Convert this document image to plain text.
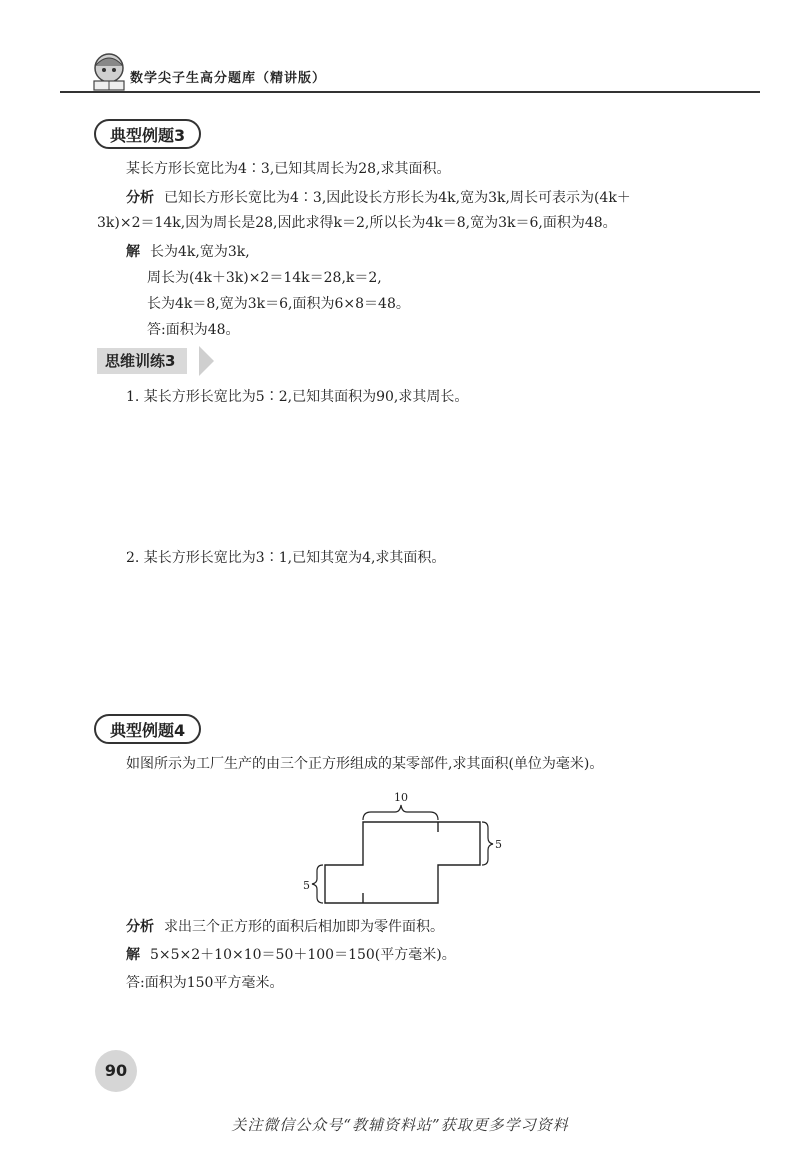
数学尖子生高分题库（精讲版）
典型例题3
某长方形长宽比为4∶3,已知其周长为28,求其面积。
分析 已知长方形长宽比为4∶3,因此设长方形长为4k,宽为3k,周长可表示为(4k＋
3k)×2＝14k,因为周长是28,因此求得k＝2,所以长为4k＝8,宽为3k＝6,面积为48。
解 长为4k,宽为3k,
周长为(4k＋3k)×2＝14k＝28,k＝2,
长为4k＝8,宽为3k＝6,面积为6×8＝48。
答:面积为48。
思维训练3
1. 某长方形长宽比为5∶2,已知其面积为90,求其周长。
2. 某长方形长宽比为3∶1,已知其宽为4,求其面积。
典型例题4
如图所示为工厂生产的由三个正方形组成的某零部件,求其面积(单位为毫米)。
10
5
5
分析 求出三个正方形的面积后相加即为零件面积。
解 5×5×2＋10×10＝50＋100＝150(平方毫米)。
答:面积为150平方毫米。
90
关注微信公众号“教辅资料站”获取更多学习资料
